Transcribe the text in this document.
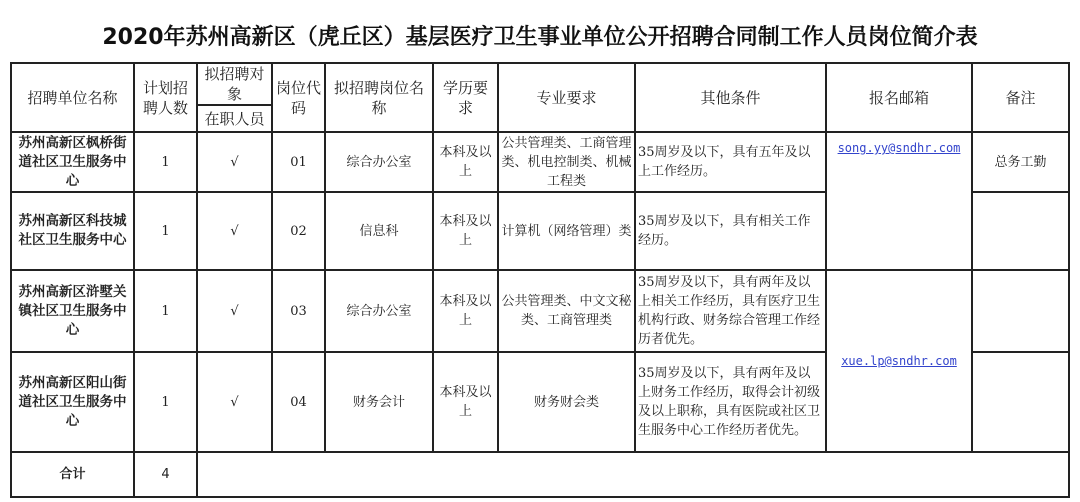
2020年苏州高新区（虎丘区）基层医疗卫生事业单位公开招聘合同制工作人员岗位简介表
招聘单位名称	计划招聘人数	拟招聘对象	岗位代码	拟招聘岗位名称	学历要求	专业要求	其他条件	报名邮箱	备注
		在职人员							
苏州高新区枫桥街道社区卫生服务中心	1	√	01	综合办公室	本科及以上	公共管理类、工商管理类、机电控制类、机械工程类	35周岁及以下，具有五年及以上工作经历。	song.yy@sndhr.com	总务工勤
苏州高新区科技城社区卫生服务中心	1	√	02	信息科	本科及以上	计算机（网络管理）类	35周岁及以下，具有相关工作经历。		
苏州高新区浒墅关镇社区卫生服务中心	1	√	03	综合办公室	本科及以上	公共管理类、中文文秘类、工商管理类	35周岁及以下，具有两年及以上相关工作经历，具有医疗卫生机构行政、财务综合管理工作经历者优先。	xue.lp@sndhr.com	
苏州高新区阳山街道社区卫生服务中心	1	√	04	财务会计	本科及以上	财务财会类	35周岁及以下，具有两年及以上财务工作经历，取得会计初级及以上职称，具有医院或社区卫生服务中心工作经历者优先。		
合计	4								
